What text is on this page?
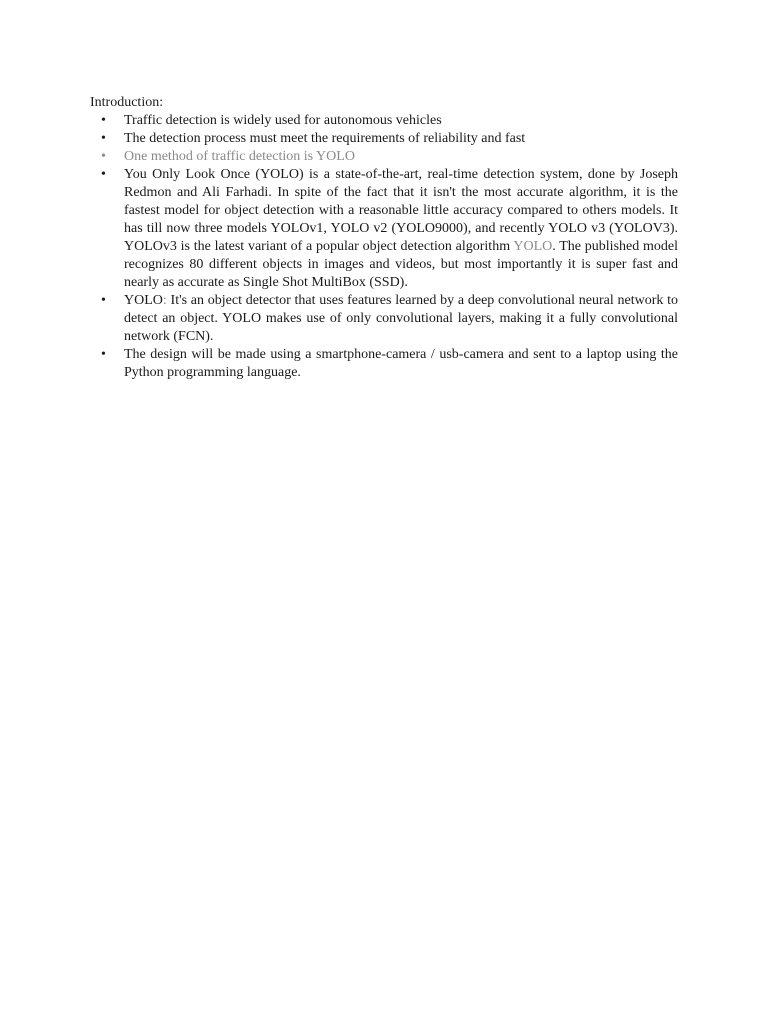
Introduction:

• Traffic detection is widely used for autonomous vehicles
• The detection process must meet the requirements of reliability and fast
• One method of traffic detection is YOLO
• You Only Look Once (YOLO) is a state-of-the-art, real-time detection system, done by Joseph Redmon and Ali Farhadi. In spite of the fact that it isn't the most accurate algorithm, it is the fastest model for object detection with a reasonable little accuracy compared to others models. It has till now three models YOLOv1, YOLO v2 (YOLO9000), and recently YOLO v3 (YOLOV3). YOLOv3 is the latest variant of a popular object detection algorithm YOLO. The published model recognizes 80 different objects in images and videos, but most importantly it is super fast and nearly as accurate as Single Shot MultiBox (SSD).
• YOLO: It's an object detector that uses features learned by a deep convolutional neural network to detect an object. YOLO makes use of only convolutional layers, making it a fully convolutional network (FCN).
• The design will be made using a smartphone-camera / usb-camera and sent to a laptop using the Python programming language.
